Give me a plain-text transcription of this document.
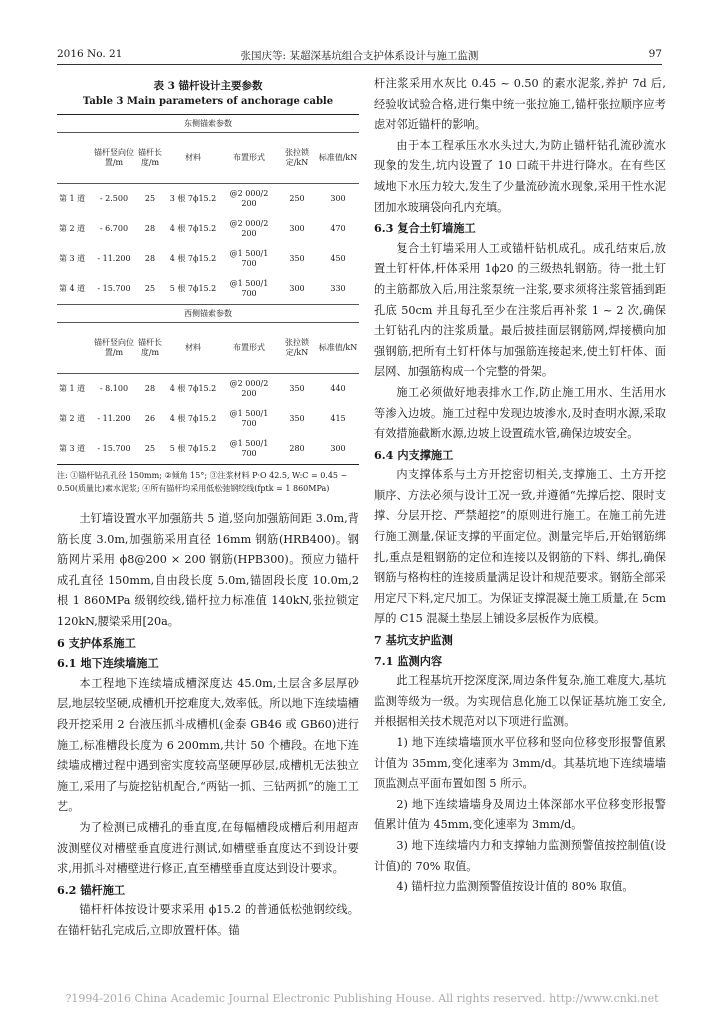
2016 No. 21	张国庆等: 某超深基坑组合支护体系设计与施工监测	97
表 3 锚杆设计主要参数
Table 3 Main parameters of anchorage cable
东侧锚索参数						
	锚杆竖向位置/m	锚杆长度/m	材料	布置形式	张拉锁定/kN	标准值/kN
第 1 道	- 2.500	25	3 根 7ϕ15.2	@2 000/2 200	250	300
第 2 道	- 6.700	28	4 根 7ϕ15.2	@2 000/2 200	300	470
第 3 道	- 11.200	28	4 根 7ϕ15.2	@1 500/1 700	350	450
第 4 道	- 15.700	25	5 根 7ϕ15.2	@1 500/1 700	300	330
西侧锚索参数						
	锚杆竖向位置/m	锚杆长度/m	材料	布置形式	张拉锁定/kN	标准值/kN
第 1 道	- 8.100	28	4 根 7ϕ15.2	@2 000/2 200	350	440
第 2 道	- 11.200	26	4 根 7ϕ15.2	@1 500/1 700	350	415
第 3 道	- 15.700	25	5 根 7ϕ15.2	@1 500/1 700	280	300
注: ①锚杆钻孔孔径 150mm; ②倾角 15°; ③注浆材料 P·O 42.5, W:C = 0.45 ~ 0.50(质量比)素水泥浆; ④所有锚杆均采用低松弛钢绞线(fptk = 1 860MPa)

土钉墙设置水平加强筋共 5 道,竖向加强筋间距 3.0m,背筋长度 3.0m,加强筋采用直径 16mm 钢筋(HRB400)。钢筋网片采用 ϕ8@200 × 200 钢筋(HPB300)。预应力锚杆成孔直径 150mm,自由段长度 5.0m,锚固段长度 10.0m,2 根 1 860MPa 级钢绞线,锚杆拉力标准值 140kN,张拉锁定 120kN,腰梁采用[20a。

6 支护体系施工
6.1 地下连续墙施工

本工程地下连续墙成槽深度达 45.0m,土层含多层厚砂层,地层较坚硬,成槽机开挖难度大,效率低。所以地下连续墙槽段开挖采用 2 台液压抓斗成槽机(金泰 GB46 或 GB60)进行施工,标准槽段长度为 6 200mm,共计 50 个槽段。在地下连续墙成槽过程中遇到密实度较高坚硬厚砂层,成槽机无法独立施工,采用了与旋挖钻机配合,“两钻一抓、三钻两抓”的施工工艺。

为了检测已成槽孔的垂直度,在每幅槽段成槽后利用超声波测壁仪对槽壁垂直度进行测试,如槽壁垂直度达不到设计要求,用抓斗对槽壁进行修正,直至槽壁垂直度达到设计要求。

6.2 锚杆施工

锚杆杆体按设计要求采用 ϕ15.2 的普通低松弛钢绞线。在锚杆钻孔完成后,立即放置杆体。锚

杆注浆采用水灰比 0.45 ~ 0.50 的素水泥浆,养护 7d 后,经验收试验合格,进行集中统一张拉施工,锚杆张拉顺序应考虑对邻近锚杆的影响。

由于本工程承压水水头过大,为防止锚杆钻孔流砂流水现象的发生,坑内设置了 10 口疏干井进行降水。在有些区域地下水压力较大,发生了少量流砂流水现象,采用干性水泥团加水玻璃袋向孔内充填。

6.3 复合土钉墙施工

复合土钉墙采用人工或锚杆钻机成孔。成孔结束后,放置土钉杆体,杆体采用 1ϕ20 的三级热轧钢筋。待一批土钉的主筋都放入后,用注浆泵统一注浆,要求须将注浆管插到距孔底 50cm 并且每孔至少在注浆后再补浆 1 ~ 2 次,确保土钉钻孔内的注浆质量。最后披挂面层钢筋网,焊接横向加强钢筋,把所有土钉杆体与加强筋连接起来,使土钉杆体、面层网、加强筋构成一个完整的骨架。

施工必须做好地表排水工作,防止施工用水、生活用水等渗入边坡。施工过程中发现边坡渗水,及时查明水源,采取有效措施截断水源,边坡上设置疏水管,确保边坡安全。

6.4 内支撑施工

内支撑体系与土方开挖密切相关,支撑施工、土方开挖顺序、方法必须与设计工况一致,并遵循“先撑后挖、限时支撑、分层开挖、严禁超挖”的原则进行施工。在施工前先进行施工测量,保证支撑的平面定位。测量完毕后,开始钢筋绑扎,重点是粗钢筋的定位和连接以及钢筋的下料、绑扎,确保钢筋与格构柱的连接质量满足设计和规范要求。钢筋全部采用定尺下料,定尺加工。为保证支撑混凝土施工质量,在 5cm 厚的 C15 混凝土垫层上铺设多层板作为底模。

7 基坑支护监测
7.1 监测内容

此工程基坑开挖深度深,周边条件复杂,施工难度大,基坑监测等级为一级。为实现信息化施工以保证基坑施工安全,并根据相关技术规范对以下项进行监测。

1) 地下连续墙墙顶水平位移和竖向位移变形报警值累计值为 35mm,变化速率为 3mm/d。其基坑地下连续墙墙顶监测点平面布置如图 5 所示。

2) 地下连续墙墙身及周边土体深部水平位移变形报警值累计值为 45mm,变化速率为 3mm/d。

3) 地下连续墙内力和支撑轴力监测预警值按控制值(设计值)的 70% 取值。

4) 锚杆拉力监测预警值按设计值的 80% 取值。

?1994-2016 China Academic Journal Electronic Publishing House. All rights reserved. http://www.cnki.net
